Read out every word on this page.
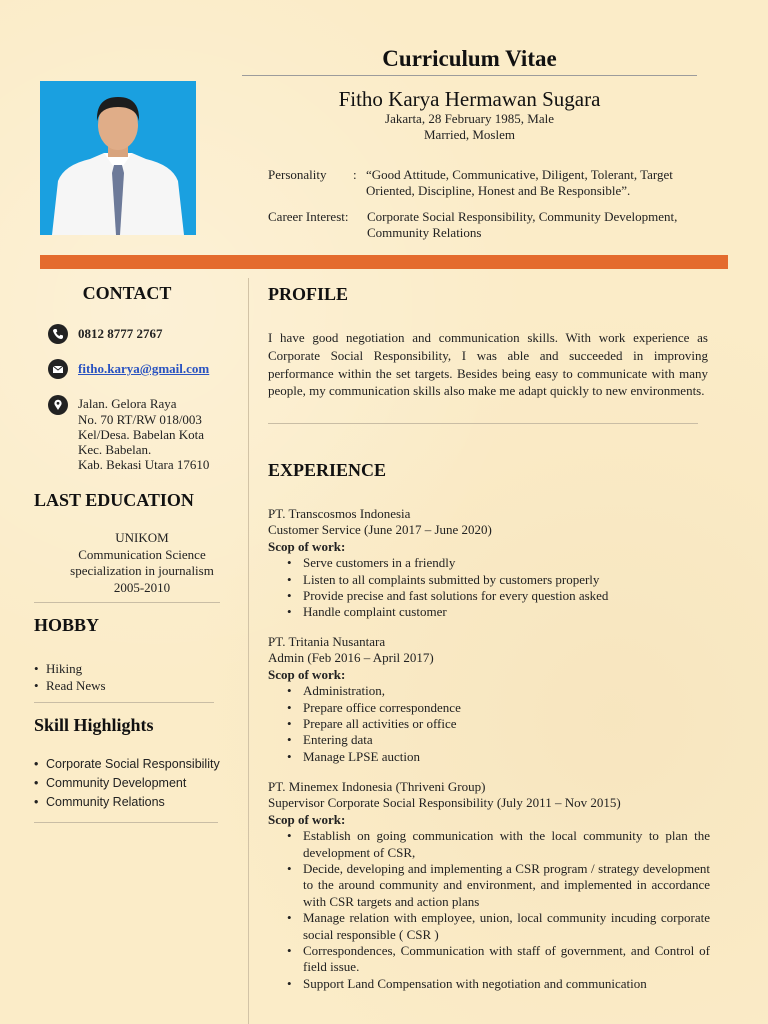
Curriculum Vitae
Fitho Karya Hermawan Sugara
Jakarta, 28 February 1985, Male
Married, Moslem
Personality : “Good Attitude, Communicative, Diligent, Tolerant, Target
Oriented, Discipline, Honest and Be Responsible”.
Career Interest: Corporate Social Responsibility, Community Development,
Community Relations
CONTACT
0812 8777 2767
fitho.karya@gmail.com
Jalan. Gelora Raya
No. 70 RT/RW 018/003
Kel/Desa. Babelan Kota
Kec. Babelan.
Kab. Bekasi Utara 17610
LAST EDUCATION
UNIKOM
Communication Science
specialization in journalism
2005-2010
HOBBY
• Hiking
• Read News
Skill Highlights
• Corporate Social Responsibility
• Community Development
• Community Relations
PROFILE
I have good negotiation and communication skills. With work experience as Corporate Social Responsibility, I was able and succeeded in improving performance within the set targets. Besides being easy to communicate with many people, my communication skills also make me adapt quickly to new environments.
EXPERIENCE
PT. Transcosmos Indonesia
Customer Service (June 2017 – June 2020)
Scop of work:
• Serve customers in a friendly
• Listen to all complaints submitted by customers properly
• Provide precise and fast solutions for every question asked
• Handle complaint customer
PT. Tritania Nusantara
Admin (Feb 2016 – April 2017)
Scop of work:
• Administration,
• Prepare office correspondence
• Prepare all activities or office
• Entering data
• Manage LPSE auction
PT. Minemex Indonesia (Thriveni Group)
Supervisor Corporate Social Responsibility (July 2011 – Nov 2015)
Scop of work:
• Establish on going communication with the local community to plan the development of CSR,
• Decide, developing and implementing a CSR program / strategy development to the around community and environment, and implemented in accordance with CSR targets and action plans
• Manage relation with employee, union, local community incuding corporate social responsible ( CSR )
• Correspondences, Communication with staff of government, and Control of field issue.
• Support Land Compensation with negotiation and communication
